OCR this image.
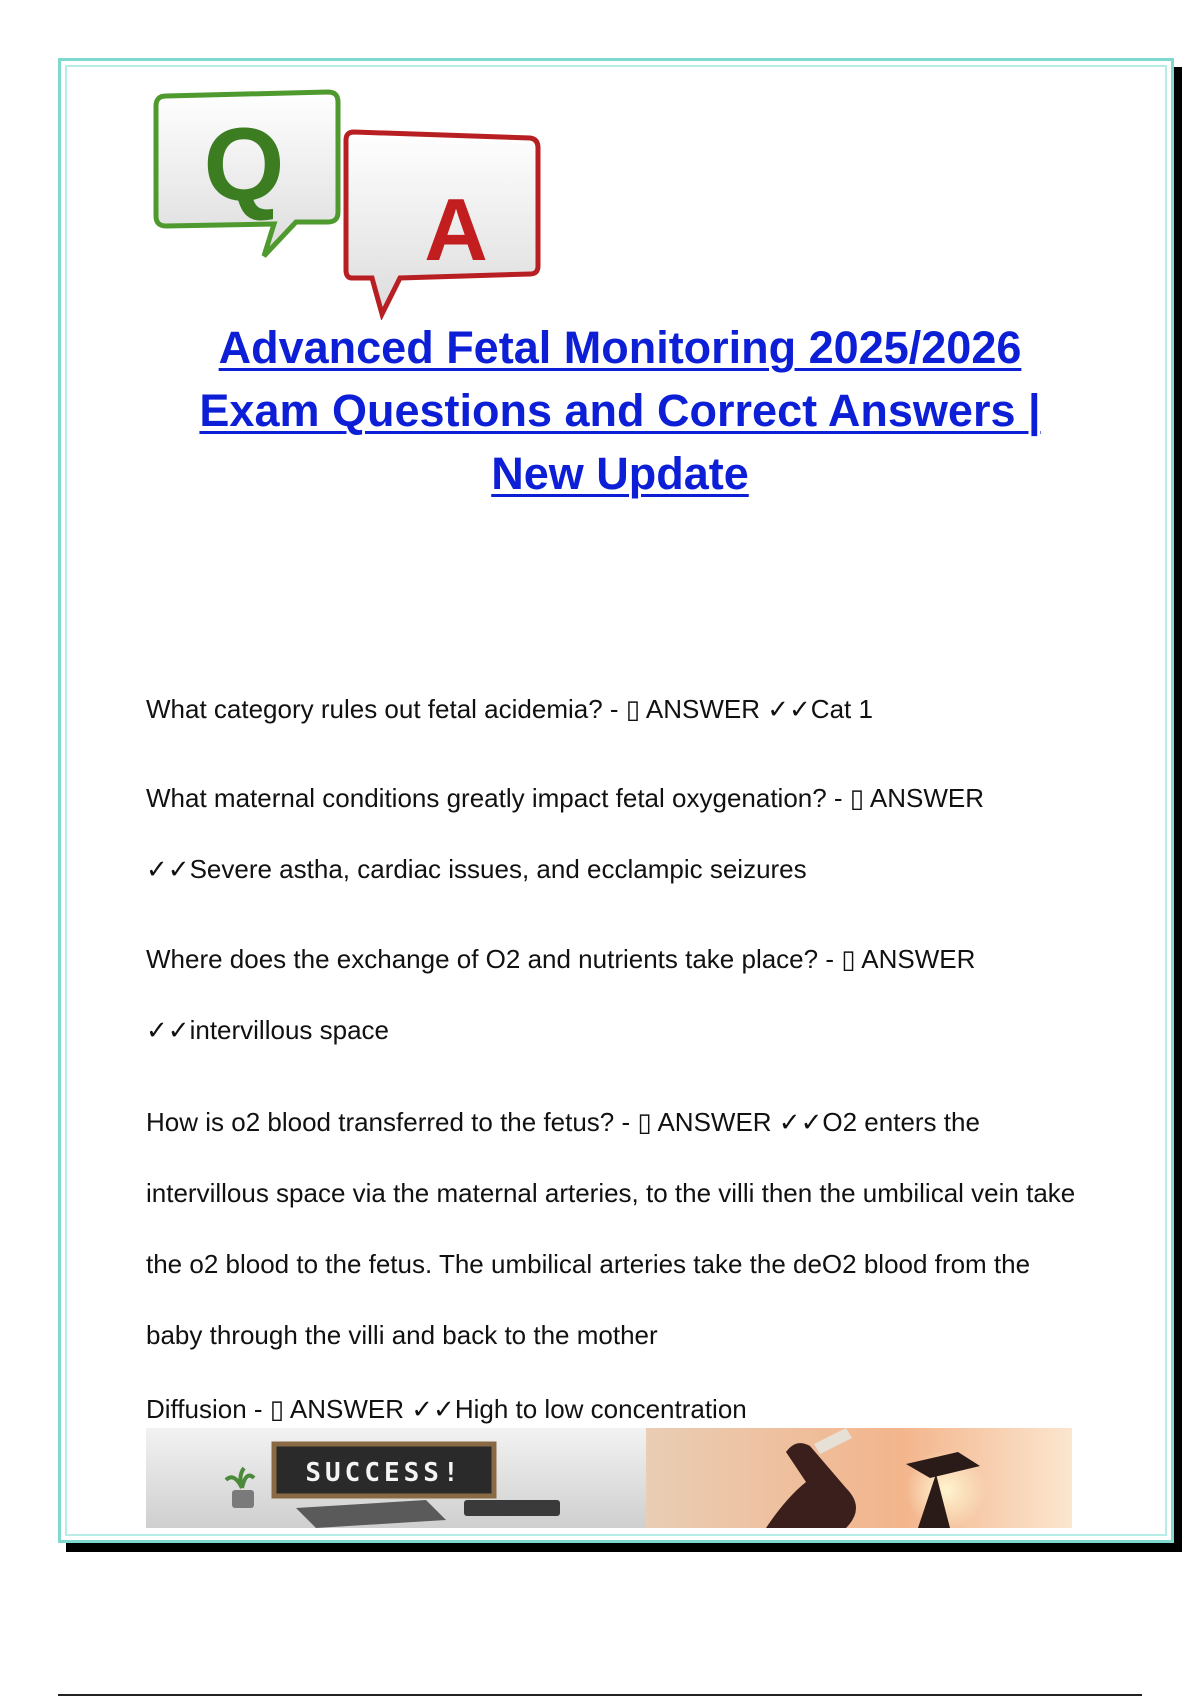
A
Q
Advanced Fetal Monitoring 2025/2026
Exam Questions and Correct Answers |
New Update

What category rules out fetal acidemia? - ▯ ANSWER ✓✓Cat 1

What maternal conditions greatly impact fetal oxygenation? - ▯ ANSWER ✓✓Severe astha, cardiac issues, and ecclampic seizures

Where does the exchange of O2 and nutrients take place? - ▯ ANSWER ✓✓intervillous space

How is o2 blood transferred to the fetus? - ▯ ANSWER ✓✓O2 enters the intervillous space via the maternal arteries, to the villi then the umbilical vein take the o2 blood to the fetus. The umbilical arteries take the deO2 blood from the baby through the villi and back to the mother

Diffusion - ▯ ANSWER ✓✓High to low concentration

SUCCESS!
